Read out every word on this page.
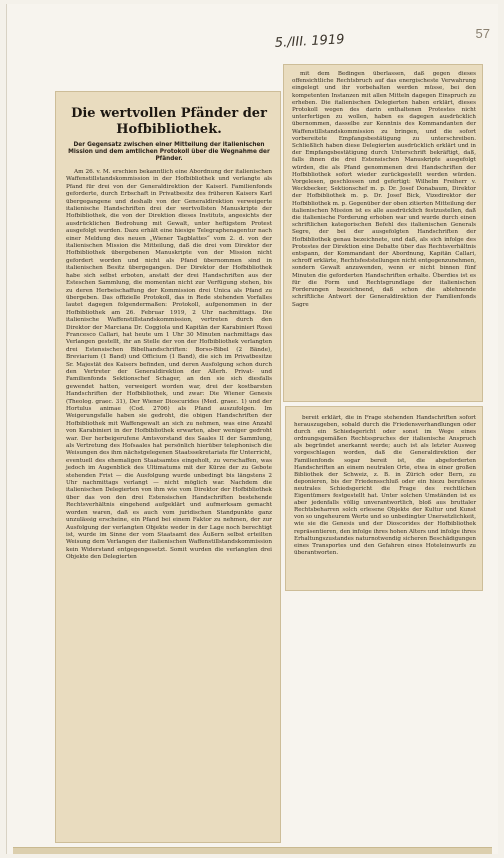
5./III. 1919	57
Die wertvollen Pfänder der Hofbibliothek.
Der Gegensatz zwischen einer Mitteilung der italienischen Mission und dem amtlichen Protokoll über die Wegnahme der Pfänder.

Am 26. v. M. erschien bekanntlich eine Abordnung der italienischen Waffenstillstandskommission in der Hofbibliothek und verlangte als Pfand für drei von der Generaldirektion der Kaiserl. Familienfonds geforderte, durch Erbschaft in Privatbesitz des früheren Kaisers Karl übergegangene und deshalb von der Generaldirektion verweigerte italienische Handschriften drei der wertvollsten Manuskripte der Hofbibliothek, die von der Direktion dieses Instituts, angesichts der ausdrücklichen Bedrohung mit Gewalt, unter heftigstem Protest ausgefolgt wurden. Dazu erhält eine hiesige Telegraphenagentur nach einer Meldung des neuen „Wiener Tagblattes“ vom 2. d. von der italienischen Mission die Mitteilung, daß die drei vom Direktor der Hofbibliothek übergebenen Manuskripte von der Mission nicht gefordert worden und nicht als Pfand übernommen sind in italienischen Besitz übergegangen. Der Direktor der Hofbibliothek habe sich selbst erboten, anstatt der drei Handschriften aus der Esteschen Sammlung, die momentan nicht zur Verfügung stehen, bis zu deren Herbeischaffung der Kommission drei Unica als Pfand zu übergeben. Das offizielle Protokoll, das in Rede stehenden Vorfalles lautet dagegen folgendermaßen: Protokoll, aufgenommen in der Hofbibliothek am 26. Februar 1919, 2 Uhr nachmittags. Die italienische Waffenstillstandskommission, vertreten durch den Direktor der Marciana Dr. Coggiola und Kapitän der Karabinieri Rossi Francesco Callari, hat heute um 1 Uhr 30 Minuten nachmittags das Verlangen gestellt, ihr an Stelle der von der Hofbibliothek verlangten drei Estensischen Bibelhandschriften: Borso-Bibel (2 Bände), Breviarium (1 Band) und Officium (1 Band), die sich im Privatbesitze Sr. Majestät des Kaisers befinden, und deren Ausfolgung schon durch den Vertreter der Generaldirektion der Allerh. Privat- und Familienfonds Sektionschef Schager, an den sie sich diesfalls gewendet hatten, verweigert worden war, drei der kostbarsten Handschriften der Hofbibliothek, und zwar: Die Wiener Genesis (Theolog. graec. 31), Der Wiener Dioscurides (Med. graec. 1) und der Hortulus animae (Cod. 2706) als Pfand auszufolgen. Im Weigerungsfalle haben sie gedroht, die obigen Handschriften der Hofbibliothek mit Waffengewalt an sich zu nehmen, was eine Anzahl von Karabinieri in der Hofbibliothek erwarten, aber weniger gedroht war. Der herbeigerufene Amtsvorstand des Saales II der Sammlung, als Vertretung des Hofsaales hat persönlich hierüber telephonisch die Weisungen des ihm nächstgelegenen Staatssekretariats für Unterricht, eventuell des ehemaligen Staatsamtes eingeholt, zu verschaffen, was jedoch im Augenblick des Ultimatums mit der Kürze der zu Gebote stehenden Frist — die Ausfolgung wurde unbedingt bis längstens 2 Uhr nachmittags verlangt — nicht möglich war. Nachdem die italienischen Delegierten von ihm wie vom Direktor der Hofbibliothek über das von den drei Estensischen Handschriften bestehende Rechtsverhältnis eingehend aufgeklärt und aufmerksam gemacht worden waren, daß es auch vom juridischen Standpunkte ganz unzulässig erscheine, ein Pfand bei einem Faktor zu nehmen, der zur Ausfolgung der verlangten Objekte weder in der Lage noch berechtigt ist, wurde im Sinne der vom Staatsamt des Äußern selbst erteilten Weisung dem Verlangen der italienischen Waffenstillstandskommission kein Widerstand entgegengesetzt. Somit wurden die verlangten drei Objekte den Delegierten

mit dem Bedingen überlassen, daß gegen dieses offensichtliche Rechtsbruch auf das energischeste Verwahrung eingelegt und ihr vorbehalten werden müsse, bei den kompetenten Instanzen mit allen Mitteln dagegen Einspruch zu erheben. Die italienischen Delegierten haben erklärt, dieses Protokoll wegen des darin enthaltenen Protestes nicht unterfertigen zu wollen, haben es dagegen ausdrücklich übernommen, dasselbe zur Kenntnis des Kommandanten der Waffenstillstandskommission zu bringen, und die sofort vorbereitete Empfangsbestätigung zu unterschreiben. Schließlich haben diese Delegierten ausdrücklich erklärt und in der Empfangsbestätigung durch Unterschrift bekräftigt, daß, falls ihnen die drei Estensischen Manuskripte ausgefolgt würden, die als Pfand genommenen drei Handschriften der Hofbibliothek sofort wieder zurückgestellt werden würden. Vorgelesen, geschlossen und gefertigt: Wilhelm Freiherr v. Weckbecker, Sektionschef m. p. Dr. Josef Donabaum, Direktor der Hofbibliothek m. p. Dr. Josef Bick, Vizedirektor der Hofbibliothek m. p. Gegenüber der oben zitierten Mitteilung der italienischen Mission ist es alle ausdrücklich festzustellen, daß die italienische Forderung erhoben war und wurde durch einen schriftlichen kategorischen Befehl des italienischen Generals Segre, der bei der ausgefolgten Handschriften der Hofbibliothek genau bezeichnete, und daß, als sich infolge des Protestes der Direktion eine Debatte über das Rechtsverhältnis entspann, der Kommandant der Abordnung, Kapitän Callari, schroff erklärte, Rechtsfeststellungen nicht entgegenzunehmen, sondern Gewalt anzuwenden, wenn er nicht binnen fünf Minuten die geforderten Handschriften erhalte. Überdies ist es für die Form und Rechtsgrundlage der italienischen Forderungen bezeichnend, daß schon die ablehnende schriftliche Antwort der Generaldirektion der Familienfonds Sagre

bereit erklärt, die in Frage stehenden Handschriften sofort herauszugeben, sobald durch die Friedensverhandlungen oder durch ein Schiedsgericht oder sonst im Wege eines ordnungsgemäßen Rechtsspruches der italienische Anspruch als begründet anerkannt werde; auch ist als letzter Ausweg vorgeschlagen worden, daß die Generaldirektion der Familienfonds sogar bereit ist, die abgeforderten Handschriften an einem neutralen Orte, etwa in einer großen Bibliothek der Schweiz, z. B. in Zürich oder Bern, zu deponieren, bis der Friedensschluß oder ein hiezu berufenes neutrales Schiedsgericht die Frage des rechtlichen Eigentümers festgestellt hat. Unter solchen Umständen ist es aber jedenfalls völlig unverantwortlich, bloß aus bruttaler Rechtsbeharren solch erlesene Objekte der Kultur und Kunst von so ungeheurem Werte und so unbedingter Unersetzlichkeit, wie sie die Genesis und der Dioscorides der Hofbibliothek repräsentieren, den infolge ihres hohen Alters und infolge ihres Erhaltungszustandes naturnotwendig sicheren Beschädigungen eines Transportes und den Gefahren eines Hoteleinwurfs zu überantworten.
